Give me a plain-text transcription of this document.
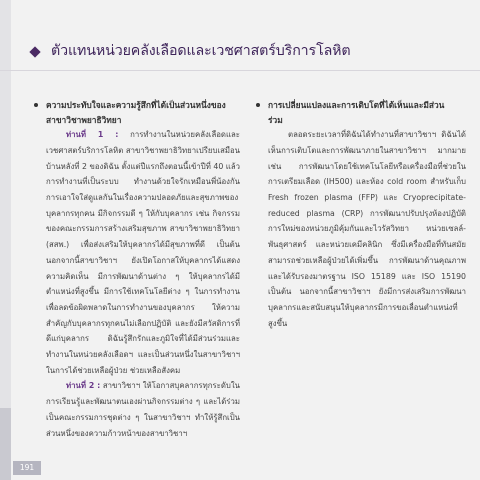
191
ตัวแทนหน่วยคลังเลือดและเวชศาสตร์บริการโลหิต
ความประทับใจและความรู้สึกที่ได้เป็นส่วนหนึ่งของ
สาขาวิชาพยาธิวิทยา

ท่านที่ 1 : การทำงานในหน่วยคลังเลือดและเวชศาสตร์บริการโลหิต สาขาวิชาพยาธิวิทยาเปรียบเสมือนบ้านหลังที่ 2 ของดิฉัน ตั้งแต่ปีแรกถึงตอนนี้เข้าปีที่ 40 แล้ว การทำงานที่เป็นระบบ ทำงานด้วยใจรักเหมือนพี่น้องกัน การเอาใจใส่ดูแลกันในเรื่องความปลอดภัยและสุขภาพของบุคลากรทุกคน มีกิจกรรมดี ๆ ให้กับบุคลากร เช่น กิจกรรมของคณะกรรมการสร้างเสริมสุขภาพ สาขาวิชาพยาธิวิทยา (สสพ.) เพื่อส่งเสริมให้บุคลากรได้มีสุขภาพที่ดี เป็นต้น นอกจากนี้สาขาวิชาฯ ยังเปิดโอกาสให้บุคลากรได้แสดงความคิดเห็น มีการพัฒนาด้านต่าง ๆ ให้บุคลากรได้มีตำแหน่งที่สูงขึ้น มีการใช้เทคโนโลยีต่าง ๆ ในการทำงาน เพื่อลดข้อผิดพลาดในการทำงานของบุคลากร ให้ความสำคัญกับบุคลากรทุกคนไม่เลือกปฏิบัติ และยังมีสวัสดิการที่ดีแก่บุคลากร ดิฉันรู้สึกรักและภูมิใจที่ได้มีส่วนร่วมและทำงานในหน่วยคลังเลือดฯ และเป็นส่วนหนึ่งในสาขาวิชาฯ ในการได้ช่วยเหลือผู้ป่วย ช่วยเหลือสังคม

ท่านที่ 2 : สาขาวิชาฯ ให้โอกาสบุคลากรทุกระดับในการเรียนรู้และพัฒนาตนเองผ่านกิจกรรมต่าง ๆ และได้ร่วมเป็นคณะกรรมการชุดต่าง ๆ ในสาขาวิชาฯ ทำให้รู้สึกเป็นส่วนหนึ่งของความก้าวหน้าของสาขาวิชาฯ

การเปลี่ยนแปลงและการเติบโตที่ได้เห็นและมีส่วน
ร่วม

ตลอดระยะเวลาที่ดิฉันได้ทำงานที่สาขาวิชาฯ ดิฉันได้เห็นการเติบโตและการพัฒนาภายในสาขาวิชาฯ มากมาย เช่น การพัฒนาโดยใช้เทคโนโลยีหรือเครื่องมือที่ช่วยในการเตรียมเลือด (IH500) และห้อง cold room สำหรับเก็บ Fresh frozen plasma (FFP) และ Cryoprecipitate-reduced plasma (CRP) การพัฒนาปรับปรุงห้องปฏิบัติการใหม่ของหน่วยภูมิคุ้มกันและไวรัสวิทยา หน่วยเซลล์-พันธุศาสตร์ และหน่วยเคมีคลินิก ซึ่งมีเครื่องมือที่ทันสมัยสามารถช่วยเหลือผู้ป่วยได้เพิ่มขึ้น การพัฒนาด้านคุณภาพ และได้รับรองมาตรฐาน ISO 15189 และ ISO 15190 เป็นต้น นอกจากนี้สาขาวิชาฯ ยังมีการส่งเสริมการพัฒนาบุคลากรและสนับสนุนให้บุคลากรมีการขอเลื่อนตำแหน่งที่สูงขึ้น
